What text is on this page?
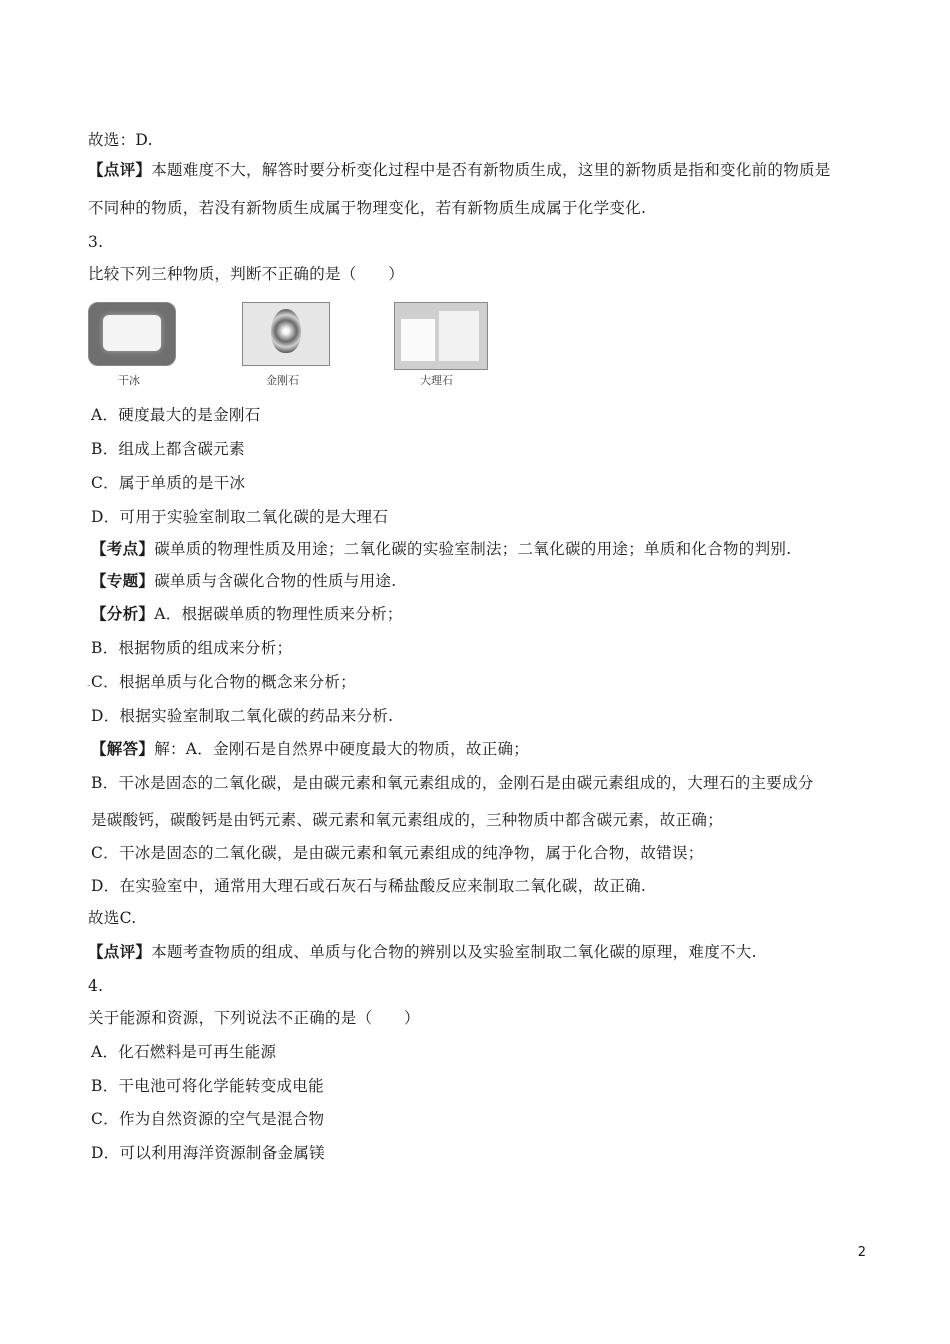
故选：D.
【点评】本题难度不大，解答时要分析变化过程中是否有新物质生成，这里的新物质是指和变化前的物质是
不同种的物质，若没有新物质生成属于物理变化，若有新物质生成属于化学变化.
3.
比较下列三种物质，判断不正确的是（　　）
干冰	金刚石	大理石
A．硬度最大的是金刚石
B．组成上都含碳元素
C．属于单质的是干冰
D．可用于实验室制取二氧化碳的是大理石
【考点】碳单质的物理性质及用途；二氧化碳的实验室制法；二氧化碳的用途；单质和化合物的判别.
【专题】碳单质与含碳化合物的性质与用途.
【分析】A．根据碳单质的物理性质来分析；
B．根据物质的组成来分析；
- C．根据单质与化合物的概念来分析；
D．根据实验室制取二氧化碳的药品来分析.
【解答】解：A．金刚石是自然界中硬度最大的物质，故正确；
B．干冰是固态的二氧化碳，是由碳元素和氧元素组成的，金刚石是由碳元素组成的，大理石的主要成分
是碳酸钙，碳酸钙是由钙元素、碳元素和氧元素组成的，三种物质中都含碳元素，故正确；
C．干冰是固态的二氧化碳，是由碳元素和氧元素组成的纯净物，属于化合物，故错误；
D．在实验室中，通常用大理石或石灰石与稀盐酸反应来制取二氧化碳，故正确.
故选C.
【点评】本题考查物质的组成、单质与化合物的辨别以及实验室制取二氧化碳的原理，难度不大.
4.
关于能源和资源，下列说法不正确的是（　　）
A．化石燃料是可再生能源
B．干电池可将化学能转变成电能
C．作为自然资源的空气是混合物
D．可以利用海洋资源制备金属镁
2
